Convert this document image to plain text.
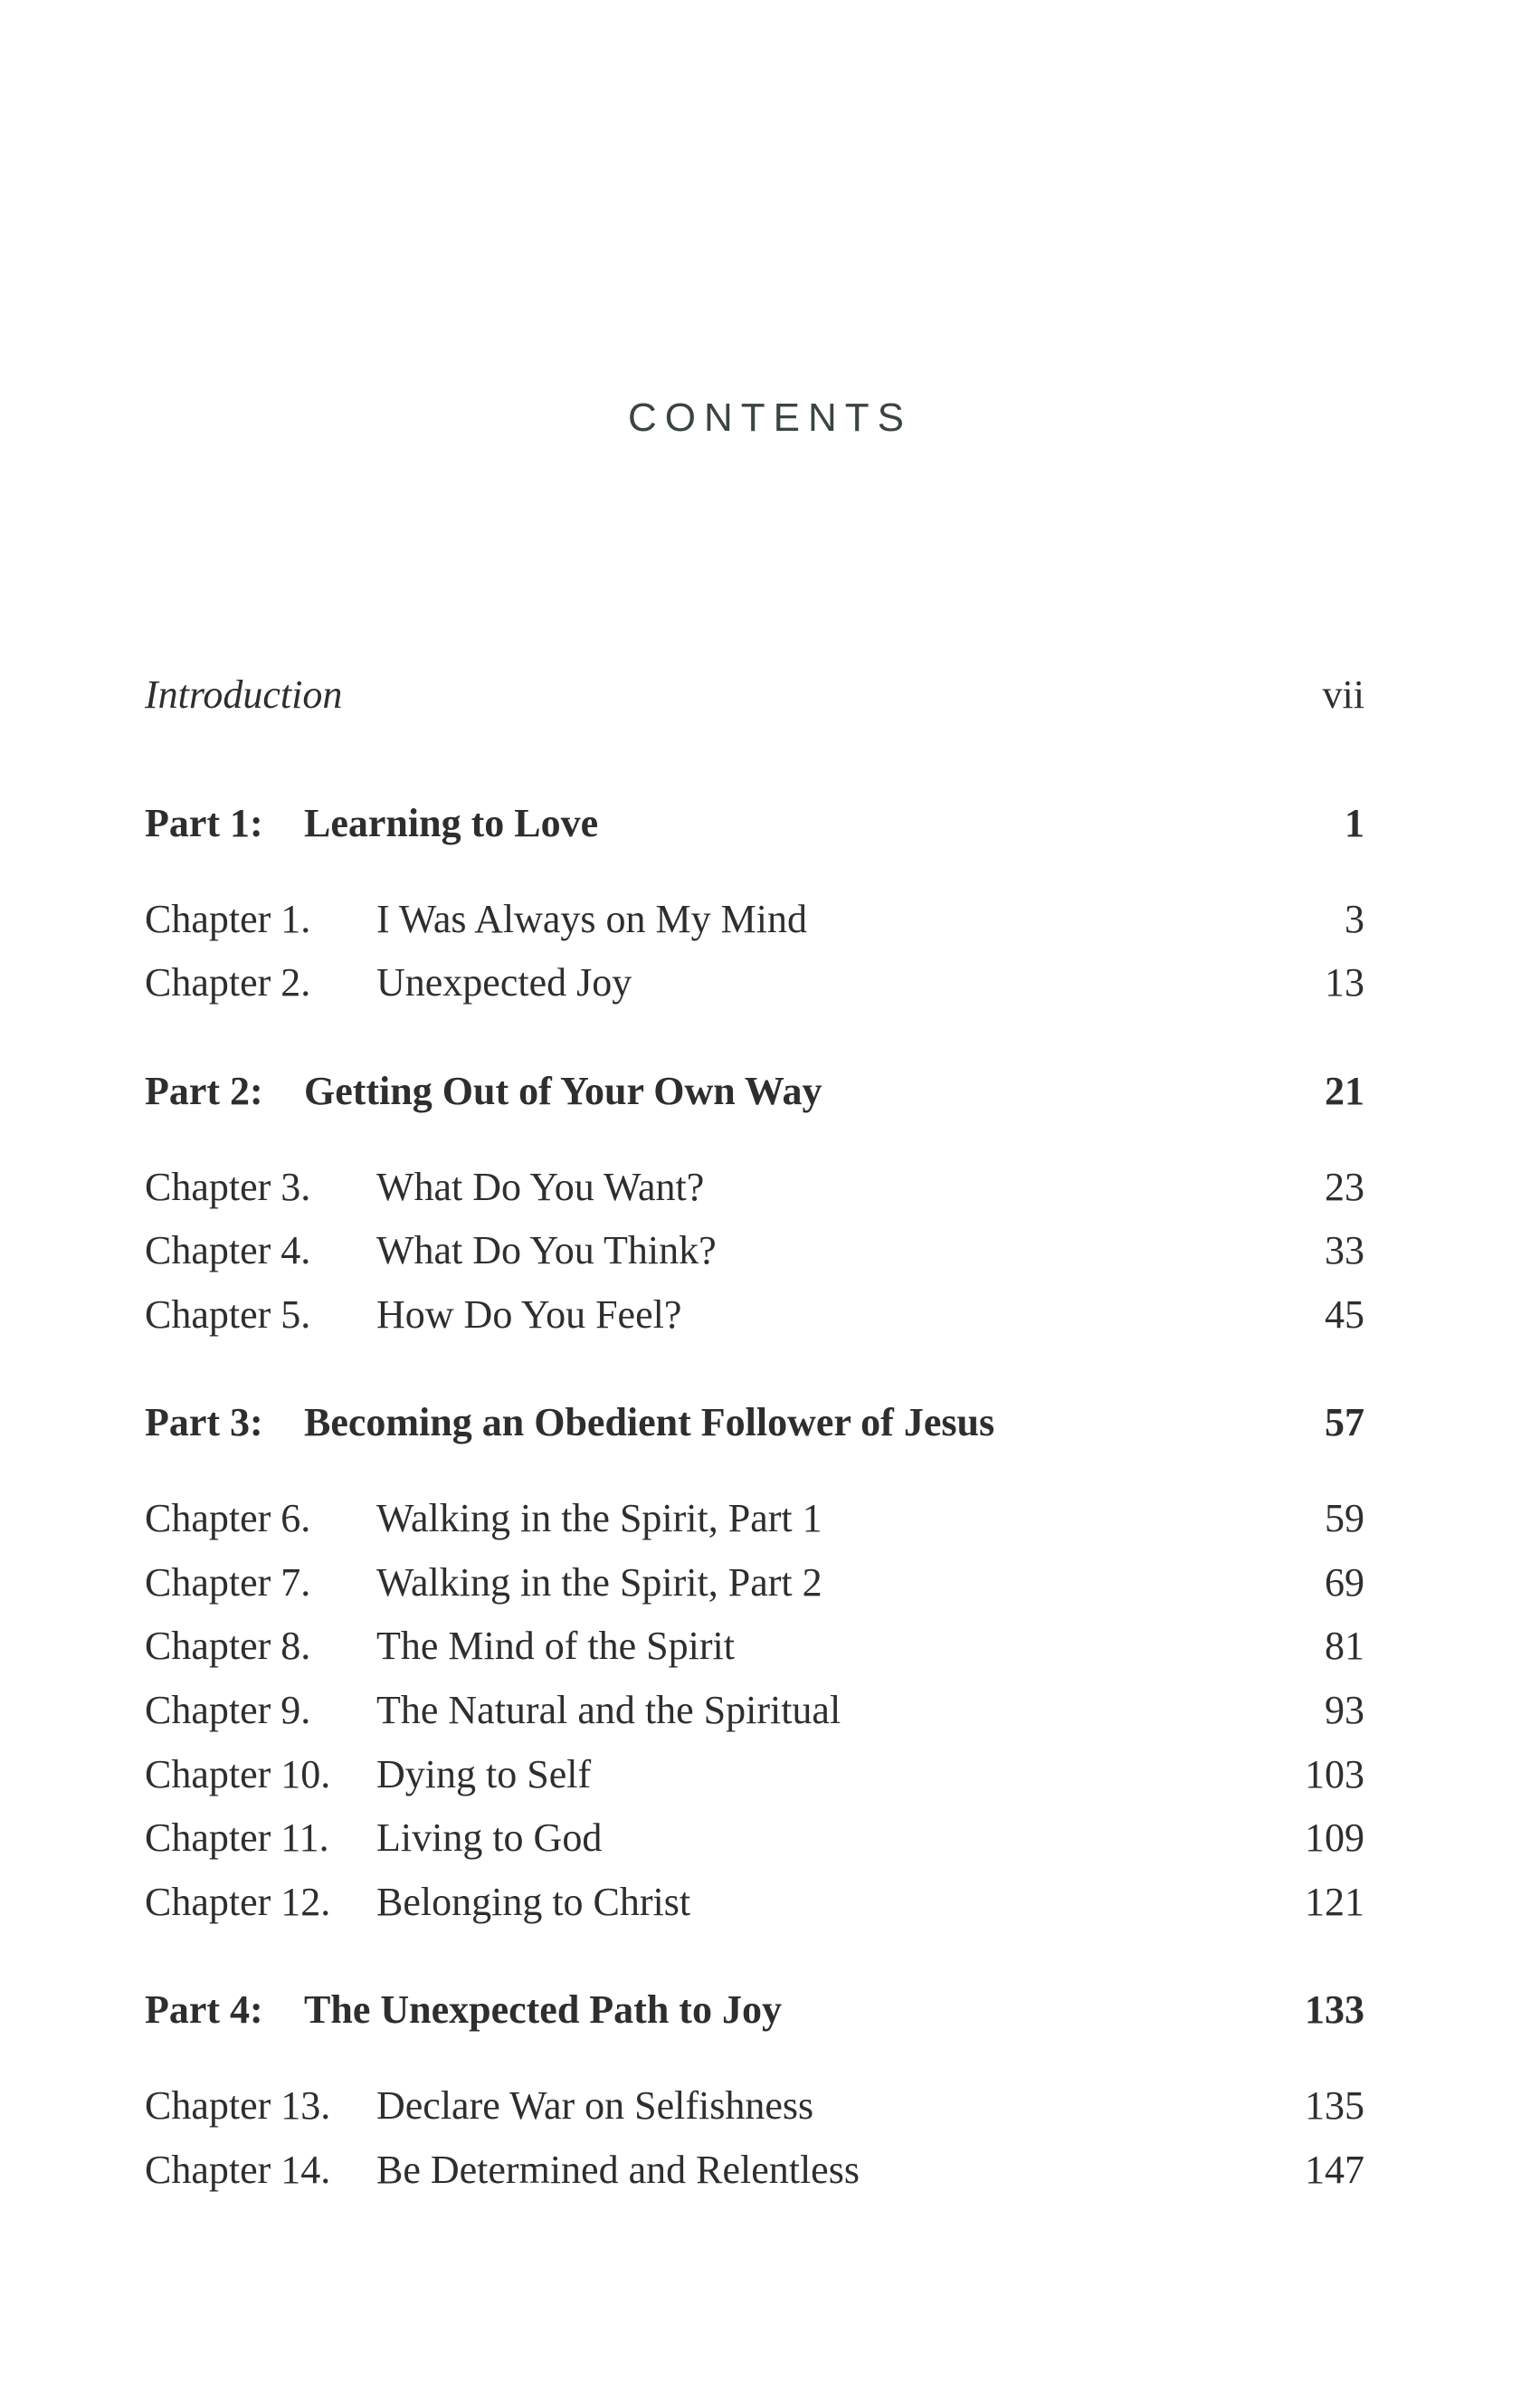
CONTENTS
Introduction	vii
Part 1: Learning to Love	1
Chapter 1. I Was Always on My Mind	3
Chapter 2. Unexpected Joy	13
Part 2: Getting Out of Your Own Way	21
Chapter 3. What Do You Want?	23
Chapter 4. What Do You Think?	33
Chapter 5. How Do You Feel?	45
Part 3: Becoming an Obedient Follower of Jesus	57
Chapter 6. Walking in the Spirit, Part 1	59
Chapter 7. Walking in the Spirit, Part 2	69
Chapter 8. The Mind of the Spirit	81
Chapter 9. The Natural and the Spiritual	93
Chapter 10. Dying to Self	103
Chapter 11. Living to God	109
Chapter 12. Belonging to Christ	121
Part 4: The Unexpected Path to Joy	133
Chapter 13. Declare War on Selfishness	135
Chapter 14. Be Determined and Relentless	147
